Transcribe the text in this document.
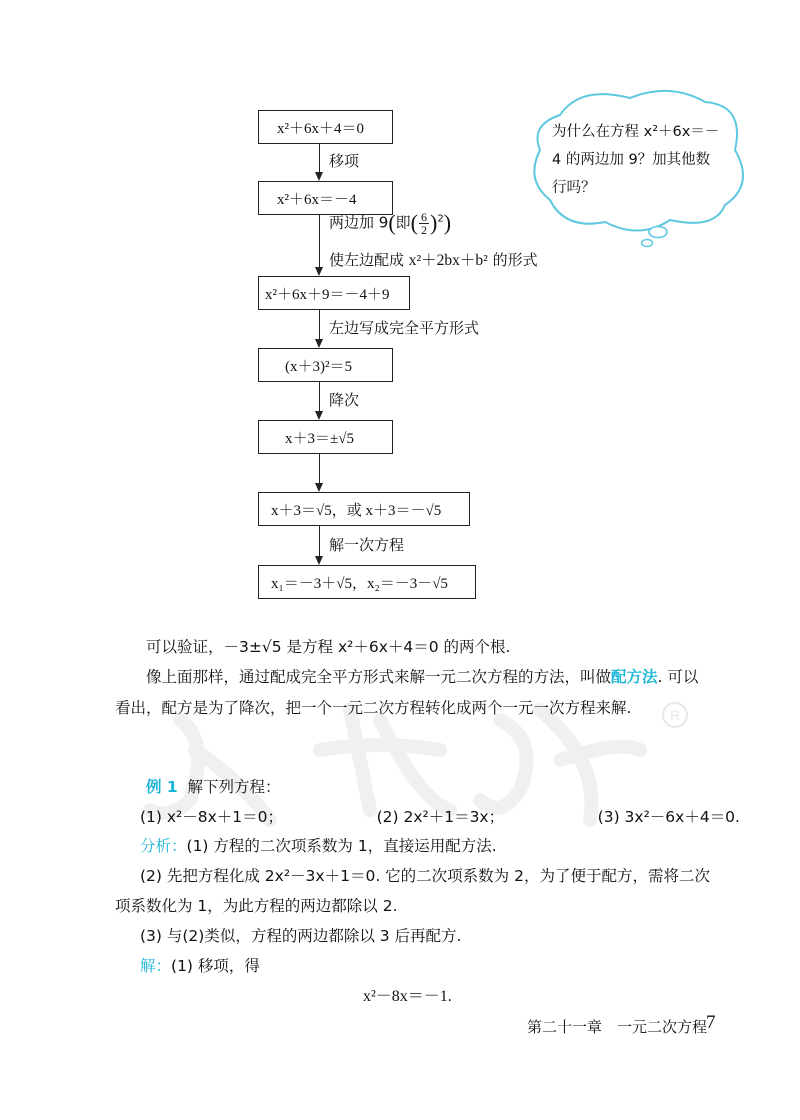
R
x²＋6x＋4＝0
x²＋6x＝－4
x²＋6x＋9＝－4＋9
(x＋3)²＝5
x＋3＝±√5
x＋3＝√5，或 x＋3＝－√5
x₁＝－3＋√5，x₂＝－3－√5
移项
两边加 9(即( $\frac{6}{2} )^2$)
使左边配成 x²＋2bx＋b² 的形式
左边写成完全平方形式
降次
解一次方程
为什么在方程 x²＋6x＝－4 的两边加 9？加其他数行吗？
可以验证，－3±√5 是方程 x²＋6x＋4＝0 的两个根.
像上面那样，通过配成完全平方形式来解一元二次方程的方法，叫做配方法. 可以看出，配方是为了降次，把一个一元二次方程转化成两个一元一次方程来解.
例 1 解下列方程：
(1) x²－8x＋1＝0；	(2) 2x²＋1＝3x；	(3) 3x²－6x＋4＝0.
分析：(1) 方程的二次项系数为 1，直接运用配方法.
(2) 先把方程化成 2x²－3x＋1＝0. 它的二次项系数为 2，为了便于配方，需将二次项系数化为 1，为此方程的两边都除以 2.
(3) 与(2)类似，方程的两边都除以 3 后再配方.
解：(1) 移项，得
x²－8x＝－1.
第二十一章　一元二次方程
7
